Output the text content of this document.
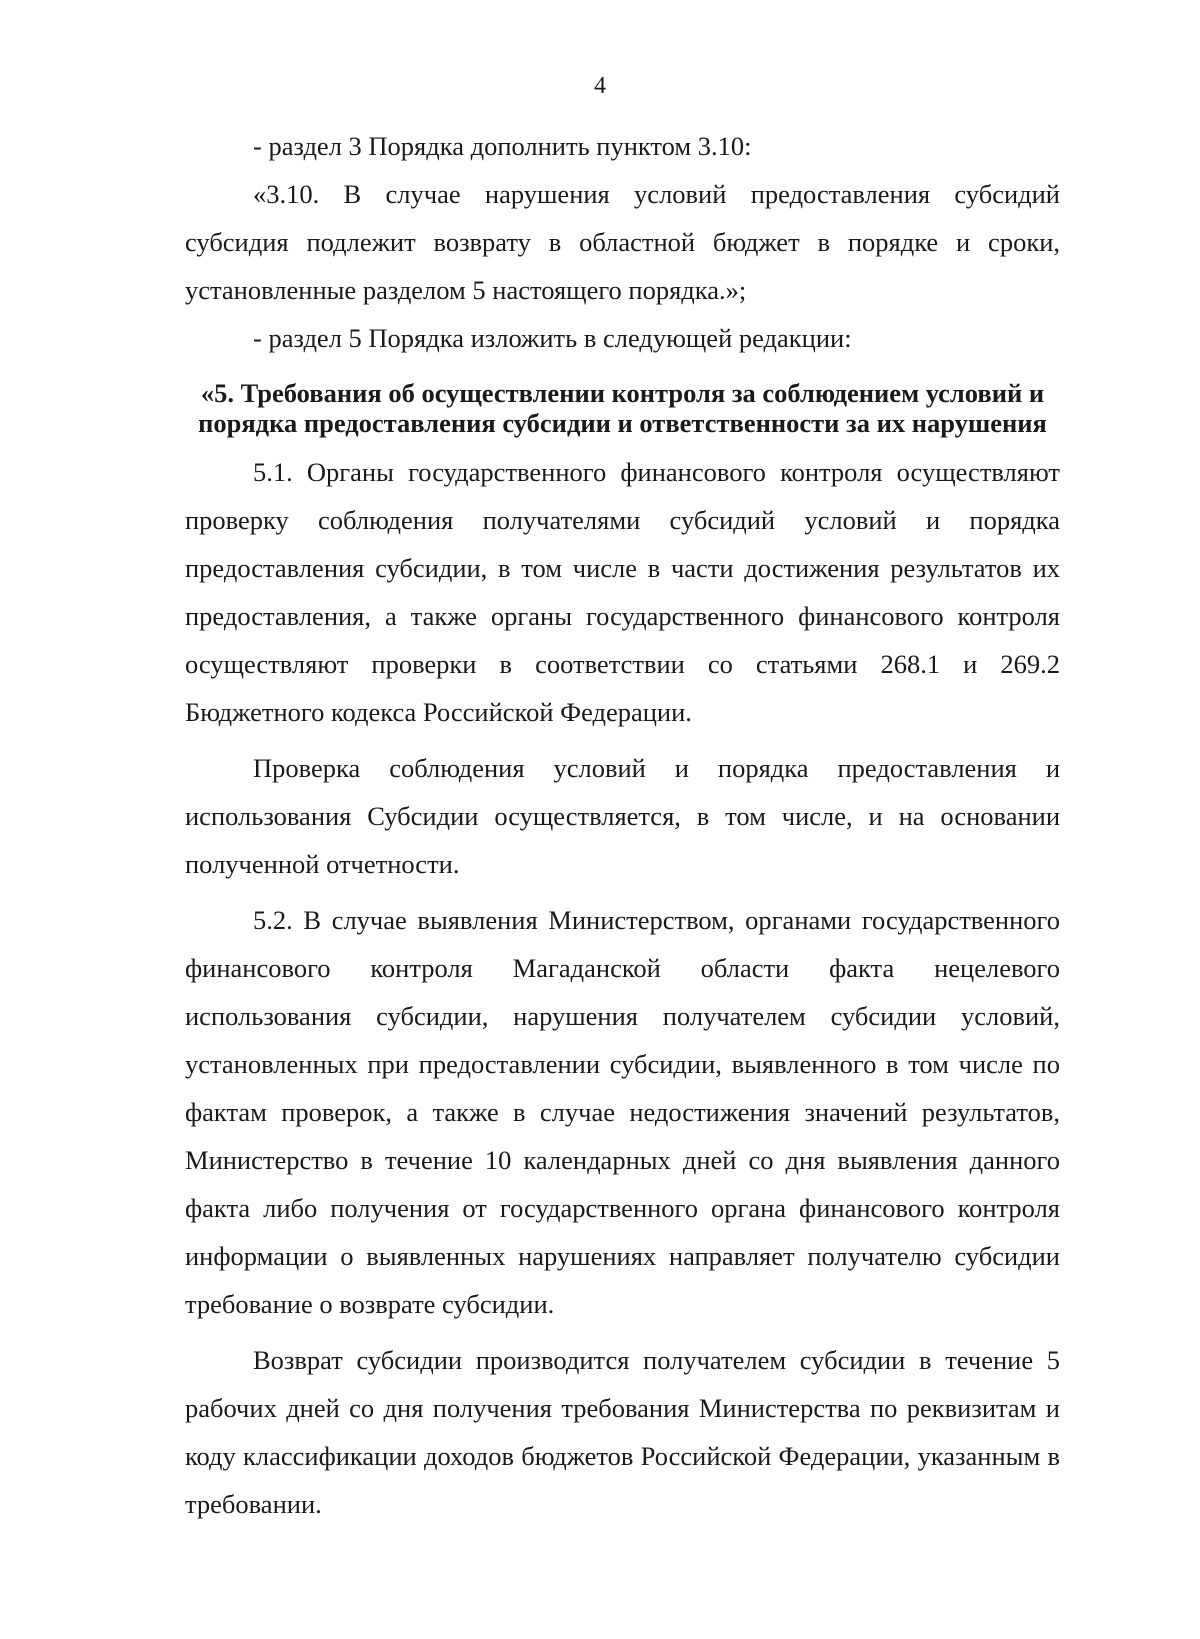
4

- раздел 3 Порядка дополнить пунктом 3.10:

«3.10. В случае нарушения условий предоставления субсидий субсидия подлежит возврату в областной бюджет в порядке и сроки, установленные разделом 5 настоящего порядка.»;

- раздел 5 Порядка изложить в следующей редакции:

«5. Требования об осуществлении контроля за соблюдением условий и порядка предоставления субсидии и ответственности за их нарушения

5.1. Органы государственного финансового контроля осуществляют проверку соблюдения получателями субсидий условий и порядка предоставления субсидии, в том числе в части достижения результатов их предоставления, а также органы государственного финансового контроля осуществляют проверки в соответствии со статьями 268.1 и 269.2 Бюджетного кодекса Российской Федерации.

Проверка соблюдения условий и порядка предоставления и использования Субсидии осуществляется, в том числе, и на основании полученной отчетности.

5.2. В случае выявления Министерством, органами государственного финансового контроля Магаданской области факта нецелевого использования субсидии, нарушения получателем субсидии условий, установленных при предоставлении субсидии, выявленного в том числе по фактам проверок, а также в случае недостижения значений результатов, Министерство в течение 10 календарных дней со дня выявления данного факта либо получения от государственного органа финансового контроля информации о выявленных нарушениях направляет получателю субсидии требование о возврате субсидии.

Возврат субсидии производится получателем субсидии в течение 5 рабочих дней со дня получения требования Министерства по реквизитам и коду классификации доходов бюджетов Российской Федерации, указанным в требовании.
